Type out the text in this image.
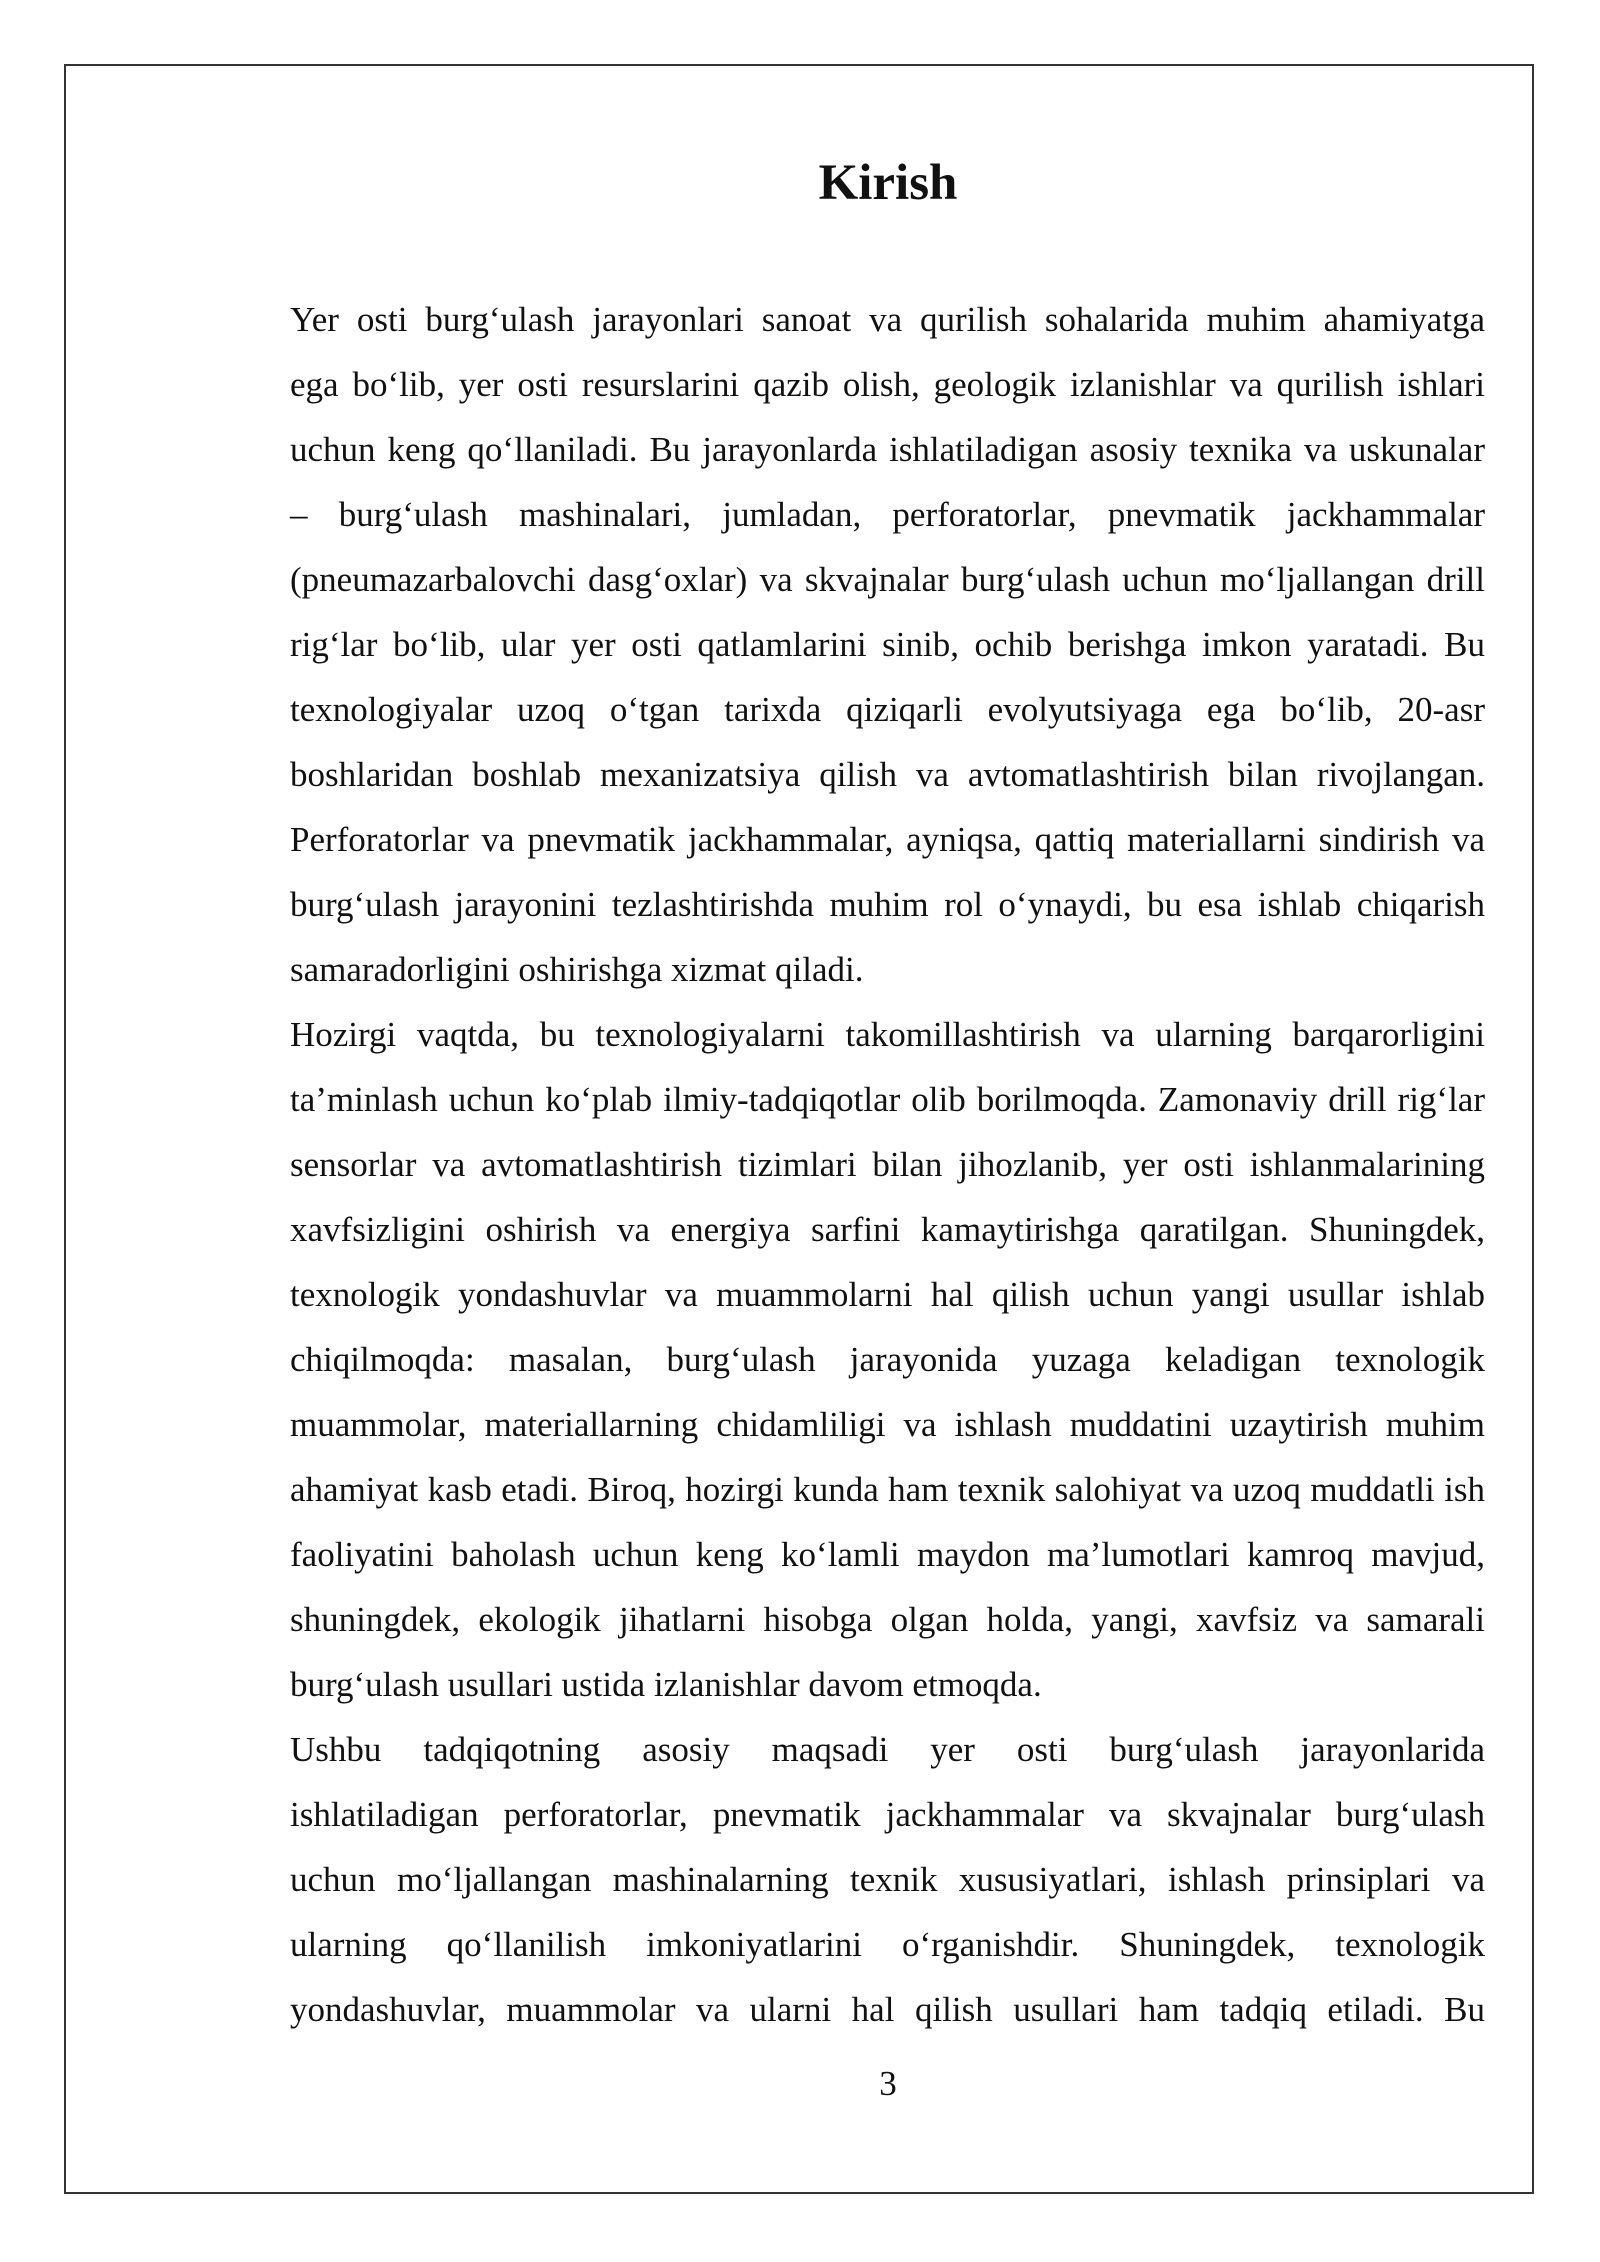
Kirish
Yer osti burg‘ulash jarayonlari sanoat va qurilish sohalarida muhim ahamiyatga
ega bo‘lib, yer osti resurslarini qazib olish, geologik izlanishlar va qurilish ishlari
uchun keng qo‘llaniladi. Bu jarayonlarda ishlatiladigan asosiy texnika va uskunalar
– burg‘ulash mashinalari, jumladan, perforatorlar, pnevmatik jackhammalar
(pneumazarbalovchi dasg‘oxlar) va skvajnalar burg‘ulash uchun mo‘ljallangan drill
rig‘lar bo‘lib, ular yer osti qatlamlarini sinib, ochib berishga imkon yaratadi. Bu
texnologiyalar uzoq o‘tgan tarixda qiziqarli evolyutsiyaga ega bo‘lib, 20-asr
boshlaridan boshlab mexanizatsiya qilish va avtomatlashtirish bilan rivojlangan.
Perforatorlar va pnevmatik jackhammalar, ayniqsa, qattiq materiallarni sindirish va
burg‘ulash jarayonini tezlashtirishda muhim rol o‘ynaydi, bu esa ishlab chiqarish
samaradorligini oshirishga xizmat qiladi.
Hozirgi vaqtda, bu texnologiyalarni takomillashtirish va ularning barqarorligini
ta’minlash uchun ko‘plab ilmiy-tadqiqotlar olib borilmoqda. Zamonaviy drill rig‘lar
sensorlar va avtomatlashtirish tizimlari bilan jihozlanib, yer osti ishlanmalarining
xavfsizligini oshirish va energiya sarfini kamaytirishga qaratilgan. Shuningdek,
texnologik yondashuvlar va muammolarni hal qilish uchun yangi usullar ishlab
chiqilmoqda: masalan, burg‘ulash jarayonida yuzaga keladigan texnologik
muammolar, materiallarning chidamliligi va ishlash muddatini uzaytirish muhim
ahamiyat kasb etadi. Biroq, hozirgi kunda ham texnik salohiyat va uzoq muddatli ish
faoliyatini baholash uchun keng ko‘lamli maydon ma’lumotlari kamroq mavjud,
shuningdek, ekologik jihatlarni hisobga olgan holda, yangi, xavfsiz va samarali
burg‘ulash usullari ustida izlanishlar davom etmoqda.
Ushbu tadqiqotning asosiy maqsadi yer osti burg‘ulash jarayonlarida
ishlatiladigan perforatorlar, pnevmatik jackhammalar va skvajnalar burg‘ulash
uchun mo‘ljallangan mashinalarning texnik xususiyatlari, ishlash prinsiplari va
ularning qo‘llanilish imkoniyatlarini o‘rganishdir. Shuningdek, texnologik
yondashuvlar, muammolar va ularni hal qilish usullari ham tadqiq etiladi. Bu
3
